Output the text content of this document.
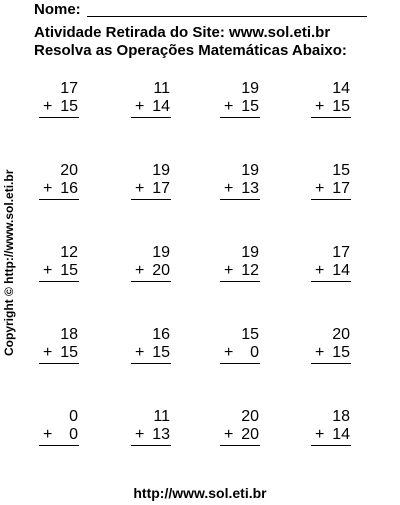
Nome:
Atividade Retirada do Site: www.sol.eti.br
Resolva as Operações Matemáticas Abaixo:
Copyright © http://www.sol.eti.br
17
+ 15
11
+ 14
19
+ 15
14
+ 15
20
+ 16
19
+ 17
19
+ 13
15
+ 17
12
+ 15
19
+ 20
19
+ 12
17
+ 14
18
+ 15
16
+ 15
15
+ 0
20
+ 15
0
+ 0
11
+ 13
20
+ 20
18
+ 14
http://www.sol.eti.br
